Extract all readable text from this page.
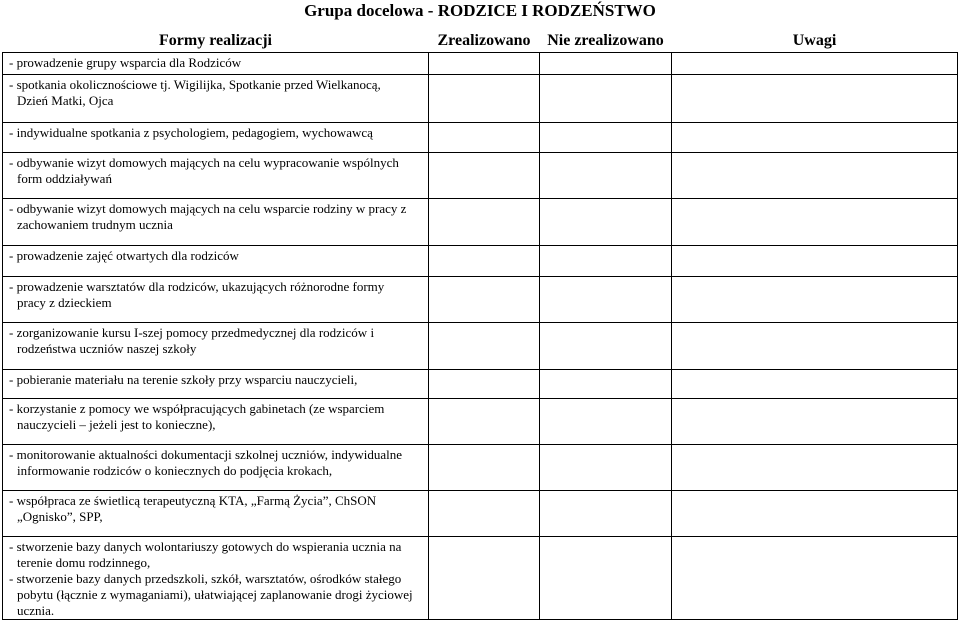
Grupa docelowa - RODZICE I RODZEŃSTWO
Formy realizacji	Zrealizowano	Nie zrealizowano	Uwagi

- prowadzenie grupy wsparcia dla Rodziców			

- spotkania okolicznościowe tj. Wigilijka, Spotkanie przed Wielkanocą,
Dzień Matki, Ojca			

- indywidualne spotkania z psychologiem, pedagogiem, wychowawcą			

- odbywanie wizyt domowych mających na celu wypracowanie wspólnych
form oddziaływań			

- odbywanie wizyt domowych mających na celu wsparcie rodziny w pracy z
zachowaniem trudnym ucznia			

- prowadzenie zajęć otwartych dla rodziców			

- prowadzenie warsztatów dla rodziców, ukazujących różnorodne formy
pracy z dzieckiem			

- zorganizowanie kursu I-szej pomocy przedmedycznej dla rodziców i
rodzeństwa uczniów naszej szkoły			

- pobieranie materiału na terenie szkoły przy wsparciu nauczycieli,			

- korzystanie z pomocy we współpracujących gabinetach (ze wsparciem
nauczycieli – jeżeli jest to konieczne),			

- monitorowanie aktualności dokumentacji szkolnej uczniów, indywidualne
informowanie rodziców o koniecznych do podjęcia krokach,			

- współpraca ze świetlicą terapeutyczną KTA, „Farmą Życia”, ChSON
„Ognisko”, SPP,			

- stworzenie bazy danych wolontariuszy gotowych do wspierania ucznia na
terenie domu rodzinnego,
- stworzenie bazy danych przedszkoli, szkół, warsztatów, ośrodków stałego
pobytu (łącznie z wymaganiami), ułatwiającej zaplanowanie drogi życiowej
ucznia.			
